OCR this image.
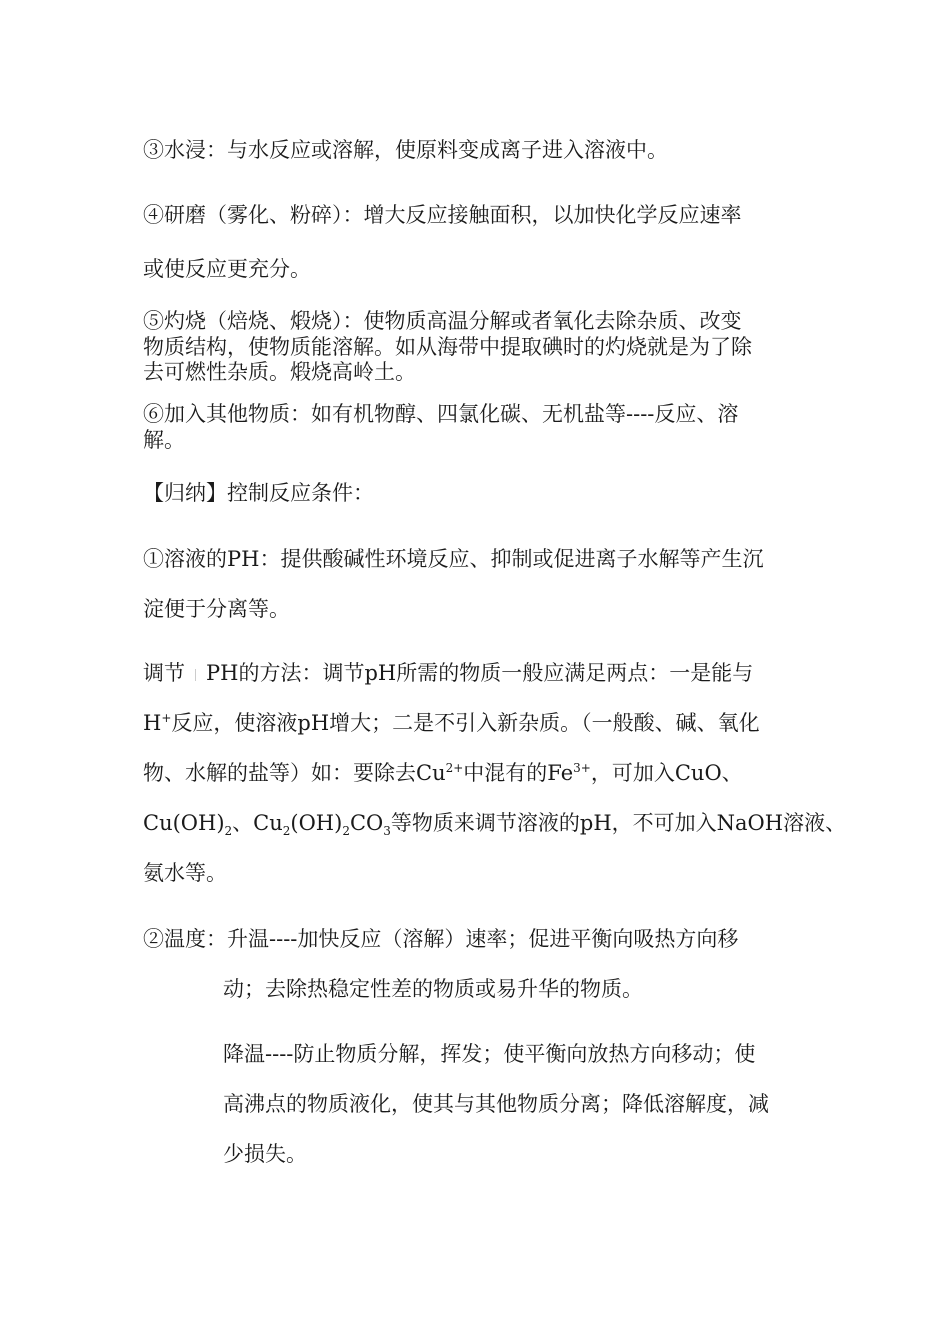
③水浸：与水反应或溶解，使原料变成离子进入溶液中。
④研磨（雾化、粉碎）：增大反应接触面积，以加快化学反应速率
或使反应更充分。
⑤灼烧（焙烧、煅烧）：使物质高温分解或者氧化去除杂质、改变
物质结构，使物质能溶解。如从海带中提取碘时的灼烧就是为了除
去可燃性杂质。煅烧高岭土。
⑥加入其他物质：如有机物醇、四氯化碳、无机盐等----反应、溶
解。
【归纳】控制反应条件：
①溶液的PH：提供酸碱性环境反应、抑制或促进离子水解等产生沉
淀便于分离等。
调节 PH的方法：调节pH所需的物质一般应满足两点：一是能与
H+反应，使溶液pH增大；二是不引入新杂质。（一般酸、碱、氧化
物、水解的盐等）如：要除去$Cu^{2+}$中混有的$Fe^{3+}$，可加入CuO、
$Cu(OH)_2$、$Cu_2(OH)_2CO_3$等物质来调节溶液的pH，不可加入NaOH溶液、
氨水等。
②温度：升温----加快反应（溶解）速率；促进平衡向吸热方向移
动；去除热稳定性差的物质或易升华的物质。
降温----防止物质分解，挥发；使平衡向放热方向移动；使
高沸点的物质液化，使其与其他物质分离；降低溶解度，减
少损失。
